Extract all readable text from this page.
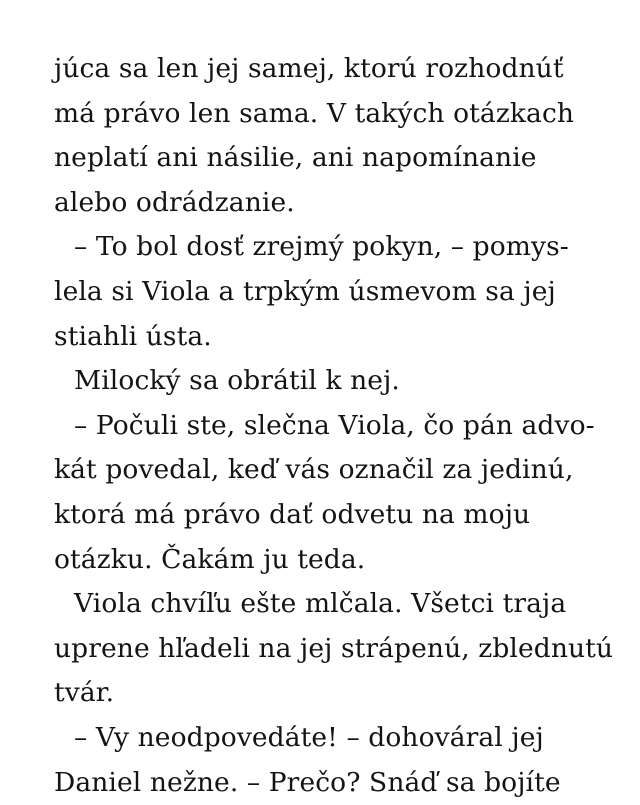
júca sa len jej samej, ktorú rozhodnúť
má právo len sama. V takých otázkach
neplatí ani násilie, ani napomínanie
alebo odrádzanie.
– To bol dosť zrejmý pokyn, – pomys-
lela si Viola a trpkým úsmevom sa jej
stiahli ústa.
Milocký sa obrátil k nej.
– Počuli ste, slečna Viola, čo pán advo-
kát povedal, keď vás označil za jedinú,
ktorá má právo dať odvetu na moju
otázku. Čakám ju teda.
Viola chvíľu ešte mlčala. Všetci traja
uprene hľadeli na jej strápenú, zblednutú
tvár.
– Vy neodpovedáte! – dohováral jej
Daniel nežne. – Prečo? Snáď sa bojíte
